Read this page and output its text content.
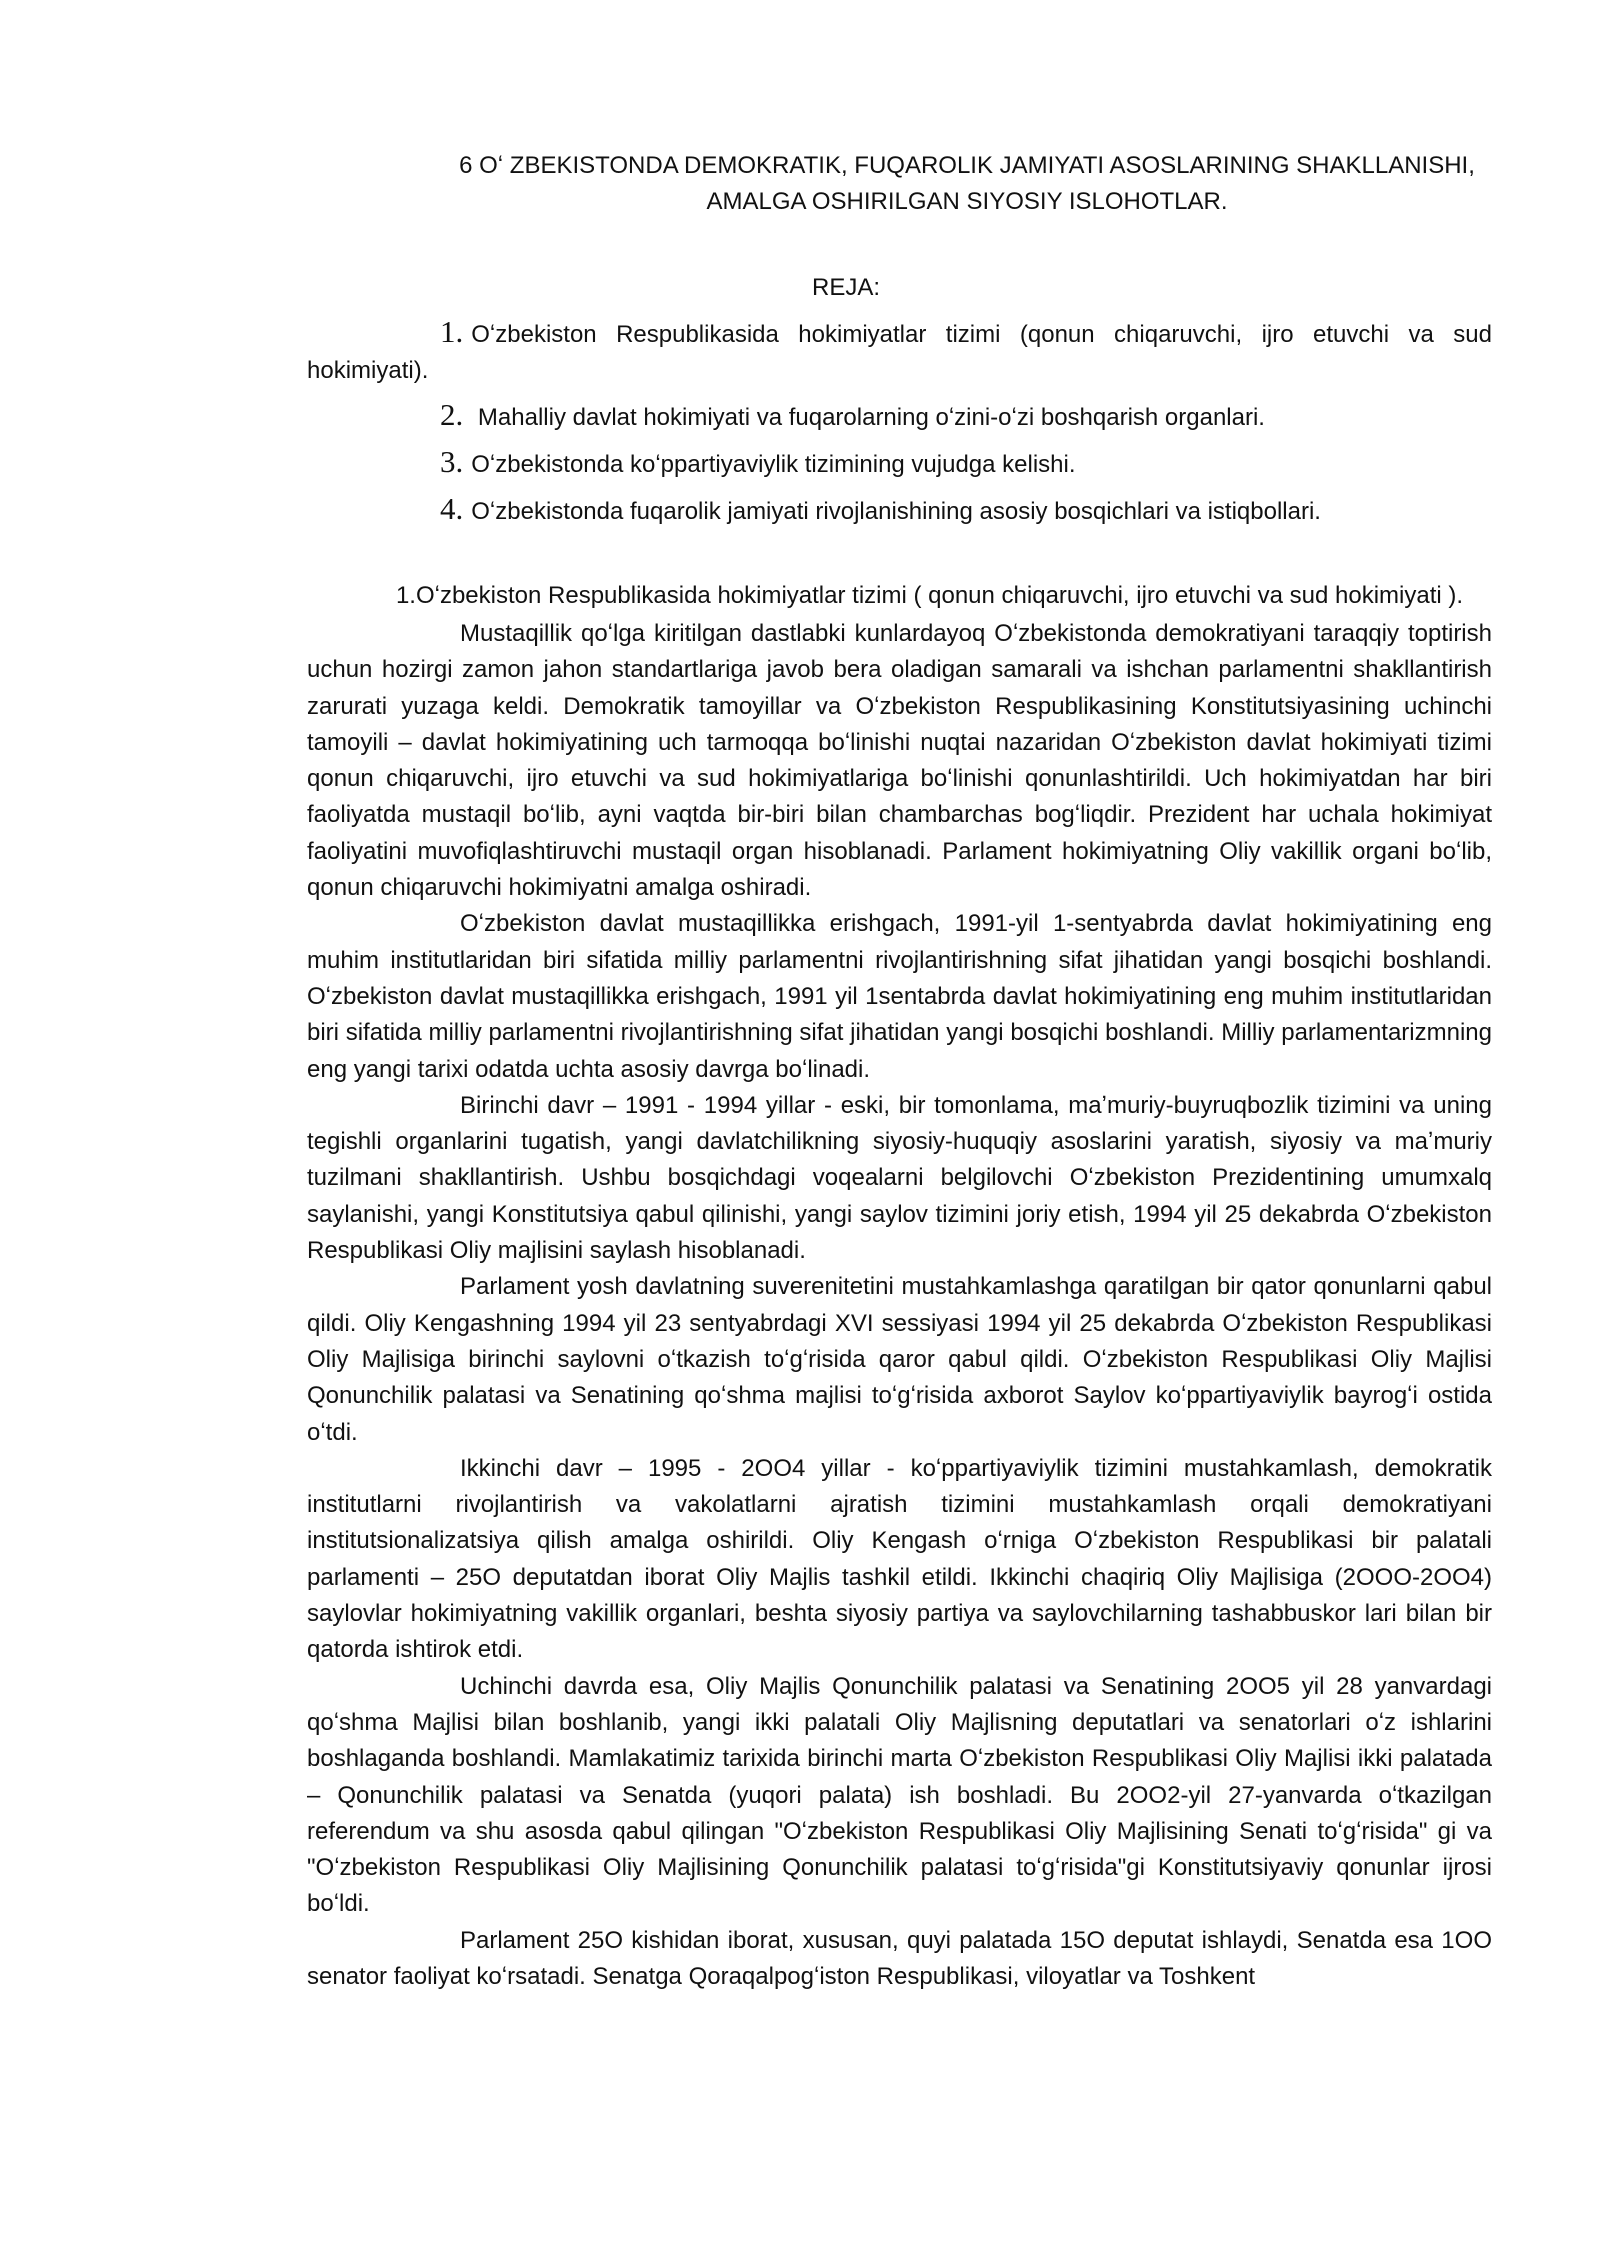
6 Oʻ ZBEKISTONDA DEMOKRATIK, FUQAROLIK JAMIYATI ASOSLARINING SHAKLLANISHI,
AMALGA OSHIRILGAN SIYOSIY ISLOHOTLAR.
REJA:
1. Oʻzbekiston Respublikasida hokimiyatlar tizimi (qonun chiqaruvchi, ijro etuvchi va sud hokimiyati).
2. Mahalliy davlat hokimiyati va fuqarolarning oʻzini-oʻzi boshqarish organlari.
3. Oʻzbekistonda koʻppartiyaviylik tizimining vujudga kelishi.
4. Oʻzbekistonda fuqarolik jamiyati rivojlanishining asosiy bosqichlari va istiqbollari.
1.Oʻzbekiston Respublikasida hokimiyatlar tizimi ( qonun chiqaruvchi, ijro etuvchi va sud hokimiyati ).

Mustaqillik qoʻlga kiritilgan dastlabki kunlardayoq Oʻzbekistonda demokratiyani taraqqiy toptirish uchun hozirgi zamon jahon standartlariga javob bera oladigan samarali va ishchan parlamentni shakllantirish zarurati yuzaga keldi. Demokratik tamoyillar va Oʻzbekiston Respublikasining Konstitutsiyasining uchinchi tamoyili – davlat hokimiyatining uch tarmoqqa boʻlinishi nuqtai nazaridan Oʻzbekiston davlat hokimiyati tizimi qonun chiqaruvchi, ijro etuvchi va sud hokimiyatlariga boʻlinishi qonunlashtirildi. Uch hokimiyatdan har biri faoliyatda mustaqil boʻlib, ayni vaqtda bir-biri bilan chambarchas bogʻliqdir. Prezident har uchala hokimiyat faoliyatini muvofiqlashtiruvchi mustaqil organ hisoblanadi. Parlament hokimiyatning Oliy vakillik organi boʻlib, qonun chiqaruvchi hokimiyatni amalga oshiradi.

Oʻzbekiston davlat mustaqillikka erishgach, 1991-yil 1-sentyabrda davlat hokimiyatining eng muhim institutlaridan biri sifatida milliy parlamentni rivojlantirishning sifat jihatidan yangi bosqichi boshlandi. Oʻzbekiston davlat mustaqillikka erishgach, 1991 yil 1sentabrda davlat hokimiyatining eng muhim institutlaridan biri sifatida milliy parlamentni rivojlantirishning sifat jihatidan yangi bosqichi boshlandi. Milliy parlamentarizmning eng yangi tarixi odatda uchta asosiy davrga boʻlinadi.

Birinchi davr – 1991 - 1994 yillar - eski, bir tomonlama, maʼmuriy-buyruqbozlik tizimini va uning tegishli organlarini tugatish, yangi davlatchilikning siyosiy-huquqiy asoslarini yaratish, siyosiy va maʼmuriy tuzilmani shakllantirish. Ushbu bosqichdagi voqealarni belgilovchi Oʻzbekiston Prezidentining umumxalq saylanishi, yangi Konstitutsiya qabul qilinishi, yangi saylov tizimini joriy etish, 1994 yil 25 dekabrda Oʻzbekiston Respublikasi Oliy majlisini saylash hisoblanadi.

Parlament yosh davlatning suverenitetini mustahkamlashga qaratilgan bir qator qonunlarni qabul qildi. Oliy Kengashning 1994 yil 23 sentyabrdagi XVI sessiyasi 1994 yil 25 dekabrda Oʻzbekiston Respublikasi Oliy Majlisiga birinchi saylovni oʻtkazish toʻgʻrisida qaror qabul qildi. Oʻzbekiston Respublikasi Oliy Majlisi Qonunchilik palatasi va Senatining qoʻshma majlisi toʻgʻrisida axborot Saylov koʻppartiyaviylik bayrogʻi ostida oʻtdi.

Ikkinchi davr – 1995 - 2OO4 yillar - koʻppartiyaviylik tizimini mustahkamlash, demokratik institutlarni rivojlantirish va vakolatlarni ajratish tizimini mustahkamlash orqali demokratiyani institutsionalizatsiya qilish amalga oshirildi. Oliy Kengash oʻrniga Oʻzbekiston Respublikasi bir palatali parlamenti – 25O deputatdan iborat Oliy Majlis tashkil etildi. Ikkinchi chaqiriq Oliy Majlisiga (2OOO-2OO4) saylovlar hokimiyatning vakillik organlari, beshta siyosiy partiya va saylovchilarning tashabbuskor lari bilan bir qatorda ishtirok etdi.

Uchinchi davrda esa, Oliy Majlis Qonunchilik palatasi va Senatining 2OO5 yil 28 yanvardagi qoʻshma Majlisi bilan boshlanib, yangi ikki palatali Oliy Majlisning deputatlari va senatorlari oʻz ishlarini boshlaganda boshlandi. Mamlakatimiz tarixida birinchi marta Oʻzbekiston Respublikasi Oliy Majlisi ikki palatada – Qonunchilik palatasi va Senatda (yuqori palata) ish boshladi. Bu 2OO2-yil 27-yanvarda oʻtkazilgan referendum va shu asosda qabul qilingan "Oʻzbekiston Respublikasi Oliy Majlisining Senati toʻgʻrisida" gi va "Oʻzbekiston Respublikasi Oliy Majlisining Qonunchilik palatasi toʻgʻrisida"gi Konstitutsiyaviy qonunlar ijrosi boʻldi.

Parlament 25O kishidan iborat, xususan, quyi palatada 15O deputat ishlaydi, Senatda esa 1OO senator faoliyat koʻrsatadi. Senatga Qoraqalpogʻiston Respublikasi, viloyatlar va Toshkent
